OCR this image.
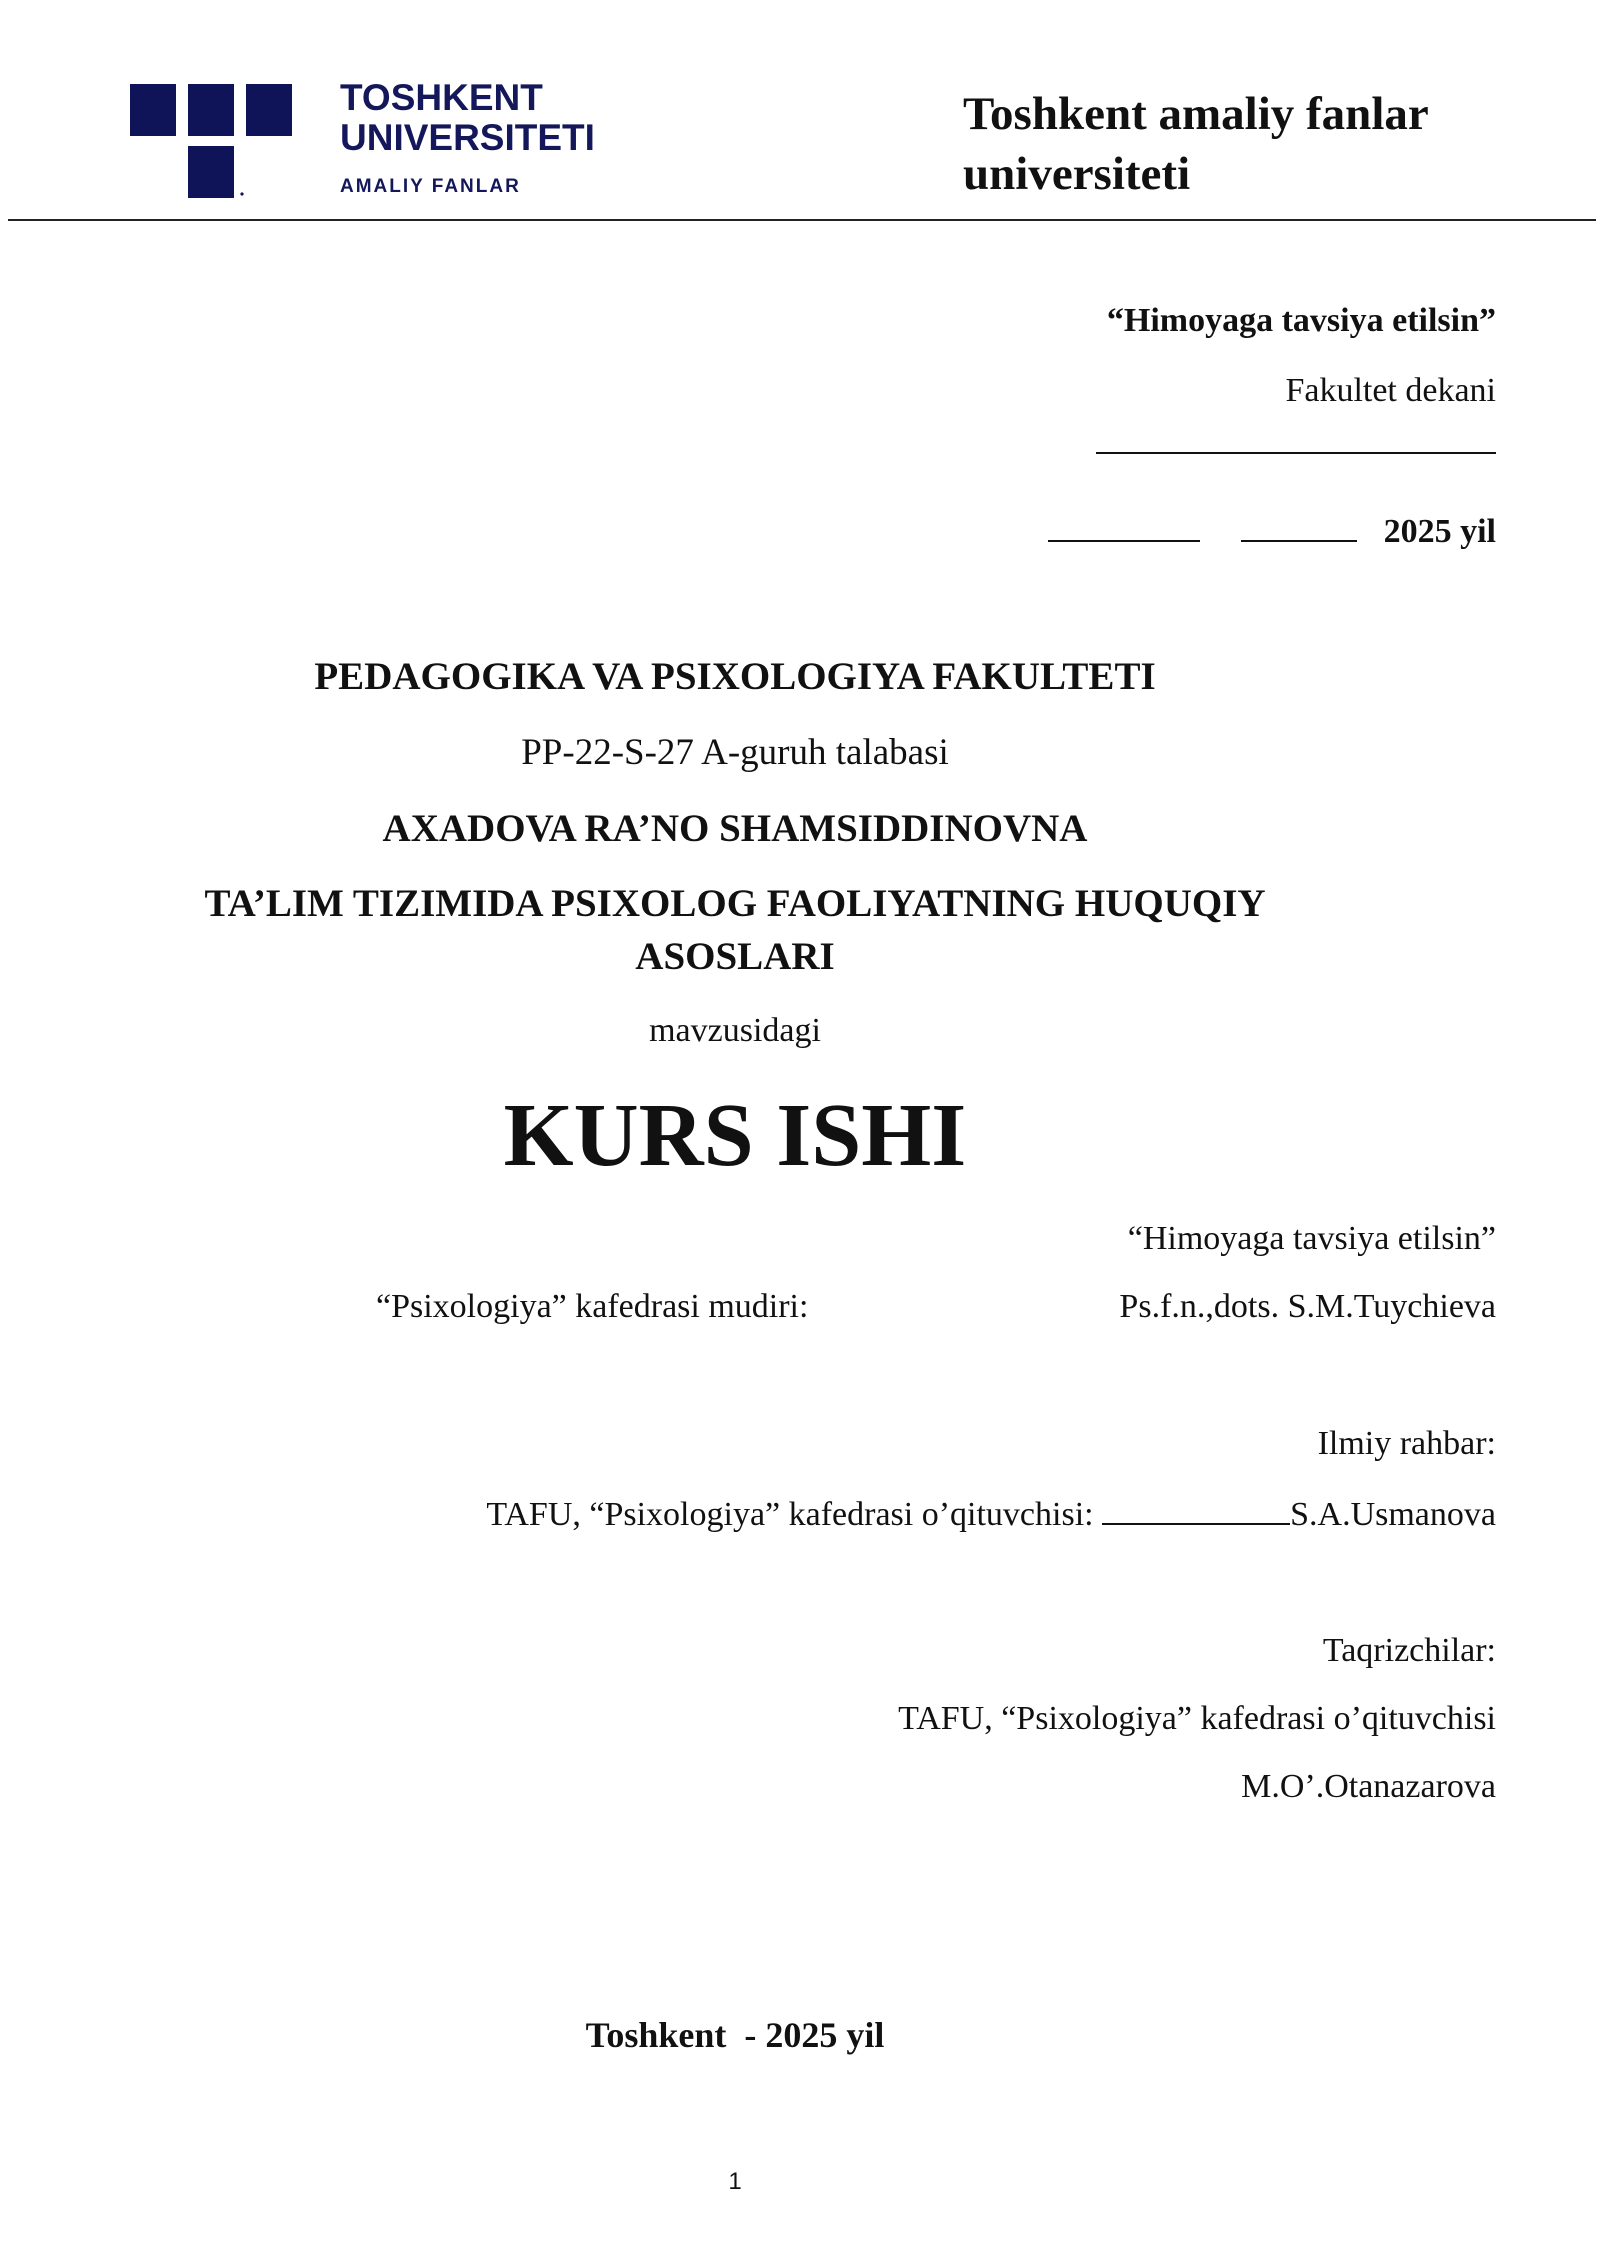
TOSHKENT
UNIVERSITETI
AMALIY FANLAR
Toshkent amaliy fanlar universiteti
“Himoyaga tavsiya etilsin”
Fakultet dekani
2025 yil
PEDAGOGIKA VA PSIXOLOGIYA FAKULTETI
PP-22-S-27 A-guruh talabasi
AXADOVA RA’NO SHAMSIDDINOVNA
TA’LIM TIZIMIDA PSIXOLOG FAOLIYATNING HUQUQIY
ASOSLARI
mavzusidagi
KURS ISHI
“Himoyaga tavsiya etilsin”
“Psixologiya” kafedrasi mudiri:	Ps.f.n.,dots. S.M.Tuychieva
Ilmiy rahbar:
TAFU, “Psixologiya” kafedrasi o’qituvchisi:	S.A.Usmanova
Taqrizchilar:
TAFU, “Psixologiya” kafedrasi o’qituvchisi
M.O’.Otanazarova
Toshkent  - 2025 yil
1
